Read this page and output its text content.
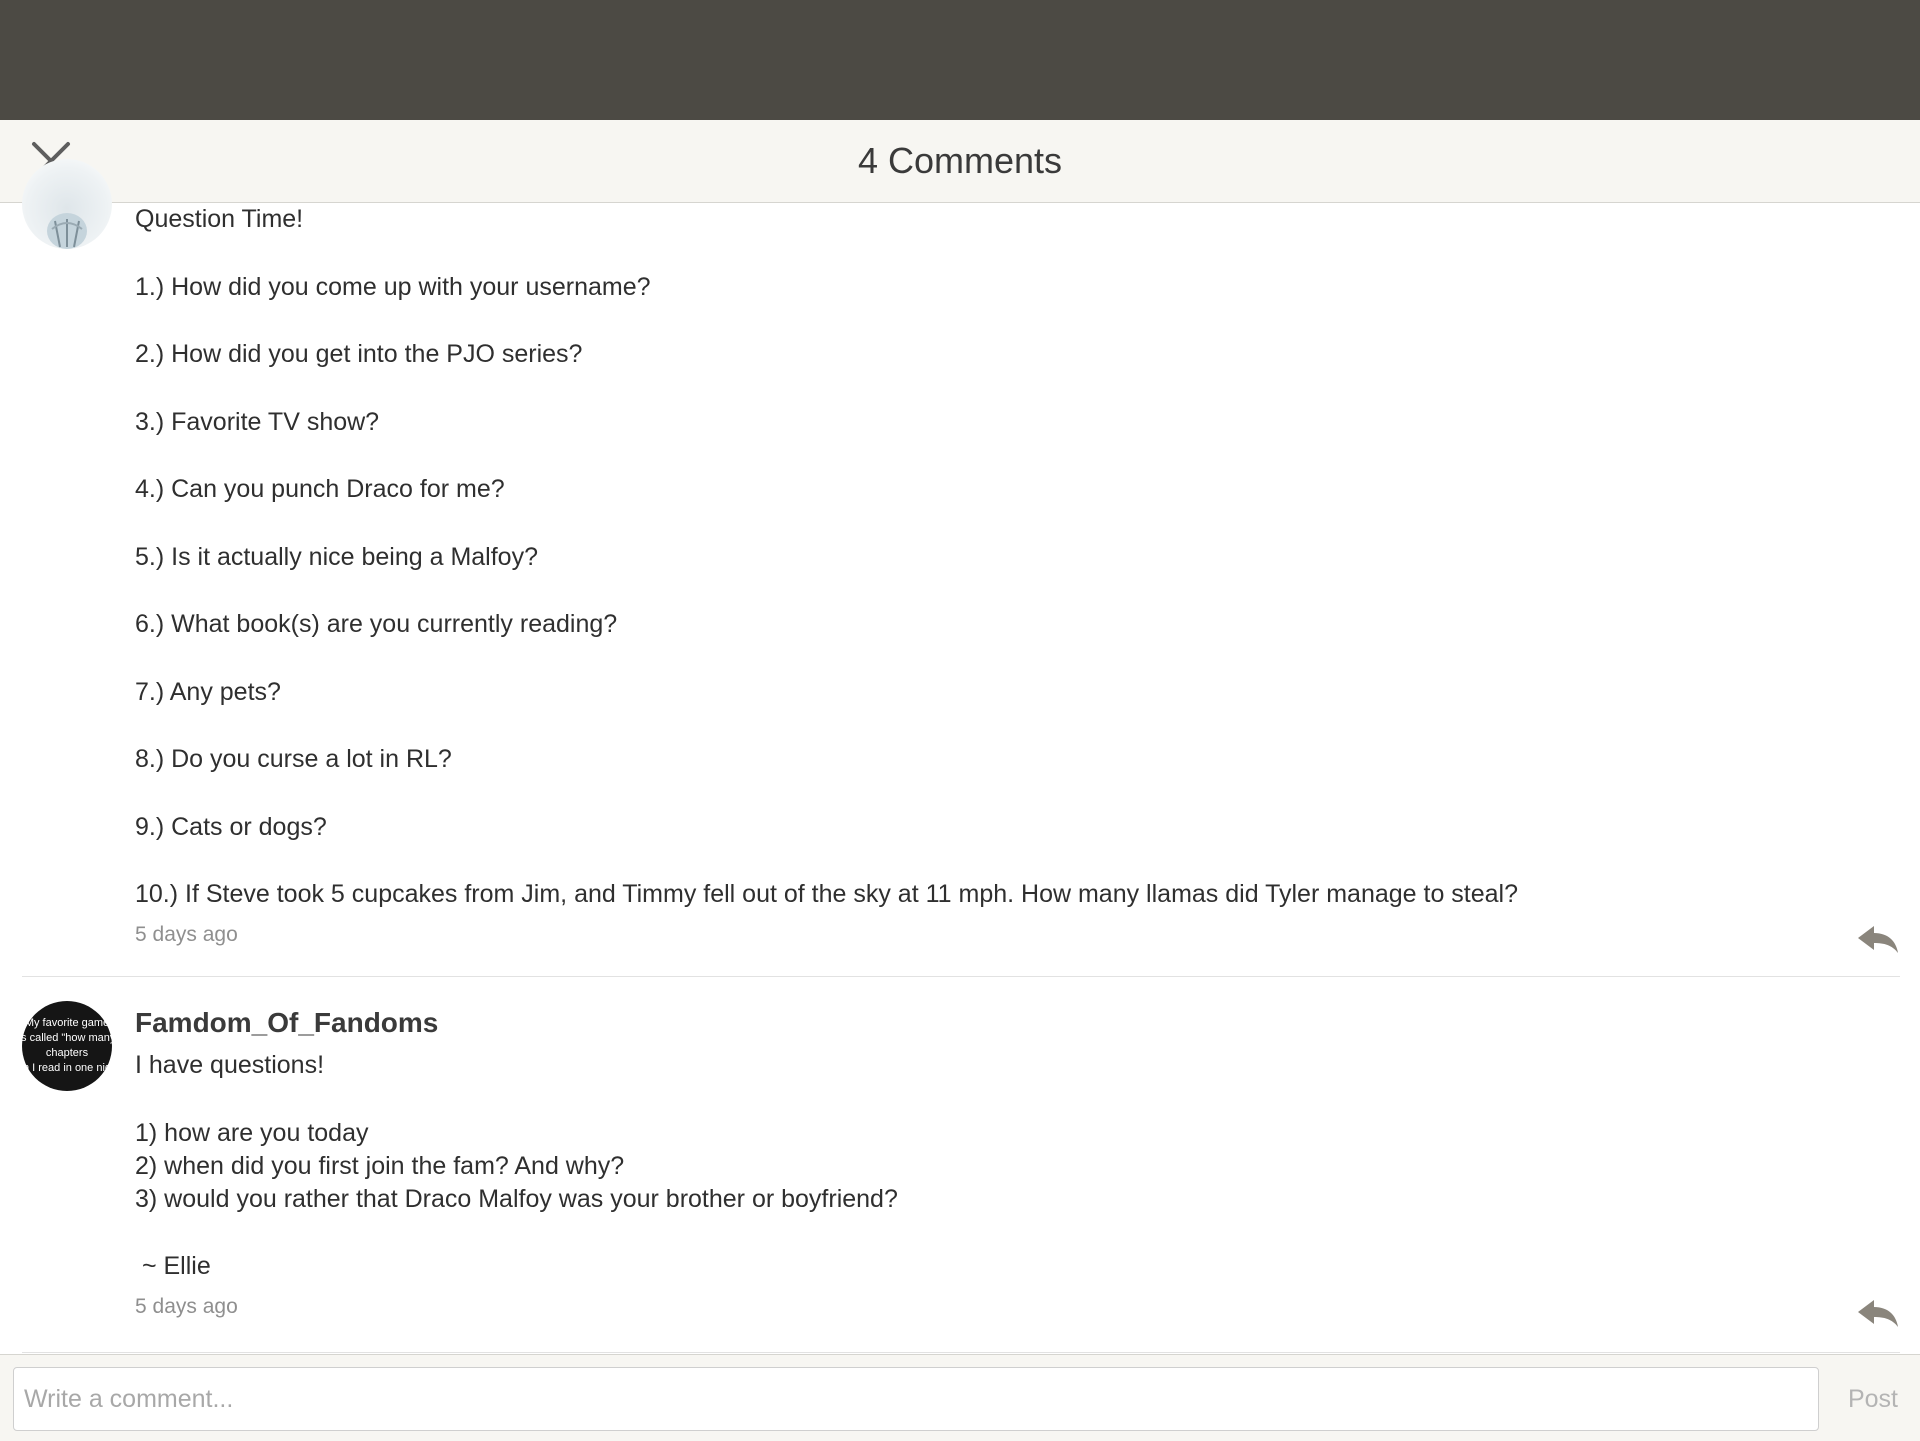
4 Comments
Question Time!
1.) How did you come up with your username?
2.) How did you get into the PJO series?
3.) Favorite TV show?
4.) Can you punch Draco for me?
5.) Is it actually nice being a Malfoy?
6.) What book(s) are you currently reading?
7.) Any pets?
8.) Do you curse a lot in RL?
9.) Cats or dogs?
10.) If Steve took 5 cupcakes from Jim, and Timmy fell out of the sky at 11 mph. How many llamas did Tyler manage to steal?
5 days ago
My favorite game
is called "how many
chapters
an I read in one nigh
Famdom_Of_Fandoms
I have questions!
1) how are you today
2) when did you first join the fam? And why?
3) would you rather that Draco Malfoy was your brother or boyfriend?
~ Ellie
5 days ago
Write a comment...
Post
